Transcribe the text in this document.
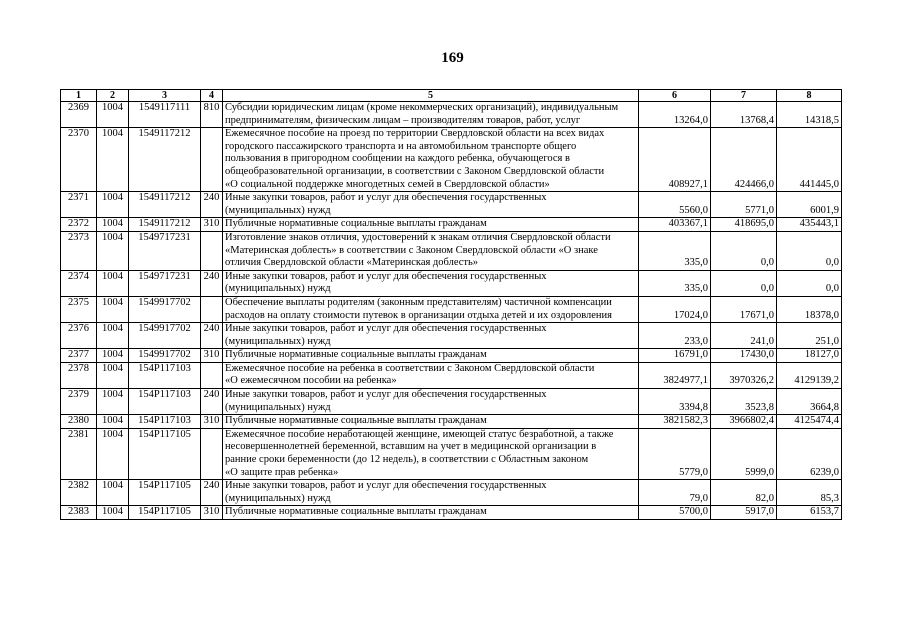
169
1	2	3	4	5	6	7	8
2369	1004	1549117111	810	Субсидии юридическим лицам (кроме некоммерческих организаций), индивидуальным
предпринимателям, физическим лицам – производителям товаров, работ, услуг	13264,0	13768,4	14318,5
2370	1004	1549117212		Ежемесячное пособие на проезд по территории Свердловской области на всех видах
городского пассажирского транспорта и на автомобильном транспорте общего
пользования в пригородном сообщении на каждого ребенка, обучающегося в
общеобразовательной организации, в соответствии с Законом Свердловской области
«О социальной поддержке многодетных семей в Свердловской области»	408927,1	424466,0	441445,0
2371	1004	1549117212	240	Иные закупки товаров, работ и услуг для обеспечения государственных
(муниципальных) нужд	5560,0	5771,0	6001,9
2372	1004	1549117212	310	Публичные нормативные социальные выплаты гражданам	403367,1	418695,0	435443,1
2373	1004	1549717231		Изготовление знаков отличия, удостоверений к знакам отличия Свердловской области
«Материнская доблесть» в соответствии с Законом Свердловской области «О знаке
отличия Свердловской области «Материнская доблесть»	335,0	0,0	0,0
2374	1004	1549717231	240	Иные закупки товаров, работ и услуг для обеспечения государственных
(муниципальных) нужд	335,0	0,0	0,0
2375	1004	1549917702		Обеспечение выплаты родителям (законным представителям) частичной компенсации
расходов на оплату стоимости путевок в организации отдыха детей и их оздоровления	17024,0	17671,0	18378,0
2376	1004	1549917702	240	Иные закупки товаров, работ и услуг для обеспечения государственных
(муниципальных) нужд	233,0	241,0	251,0
2377	1004	1549917702	310	Публичные нормативные социальные выплаты гражданам	16791,0	17430,0	18127,0
2378	1004	154P117103		Ежемесячное пособие на ребенка в соответствии с Законом Свердловской области
«О ежемесячном пособии на ребенка»	3824977,1	3970326,2	4129139,2
2379	1004	154P117103	240	Иные закупки товаров, работ и услуг для обеспечения государственных
(муниципальных) нужд	3394,8	3523,8	3664,8
2380	1004	154P117103	310	Публичные нормативные социальные выплаты гражданам	3821582,3	3966802,4	4125474,4
2381	1004	154P117105		Ежемесячное пособие неработающей женщине, имеющей статус безработной, а также
несовершеннолетней беременной, вставшим на учет в медицинской организации в
ранние сроки беременности (до 12 недель), в соответствии с Областным законом
«О защите прав ребенка»	5779,0	5999,0	6239,0
2382	1004	154P117105	240	Иные закупки товаров, работ и услуг для обеспечения государственных
(муниципальных) нужд	79,0	82,0	85,3
2383	1004	154P117105	310	Публичные нормативные социальные выплаты гражданам	5700,0	5917,0	6153,7
